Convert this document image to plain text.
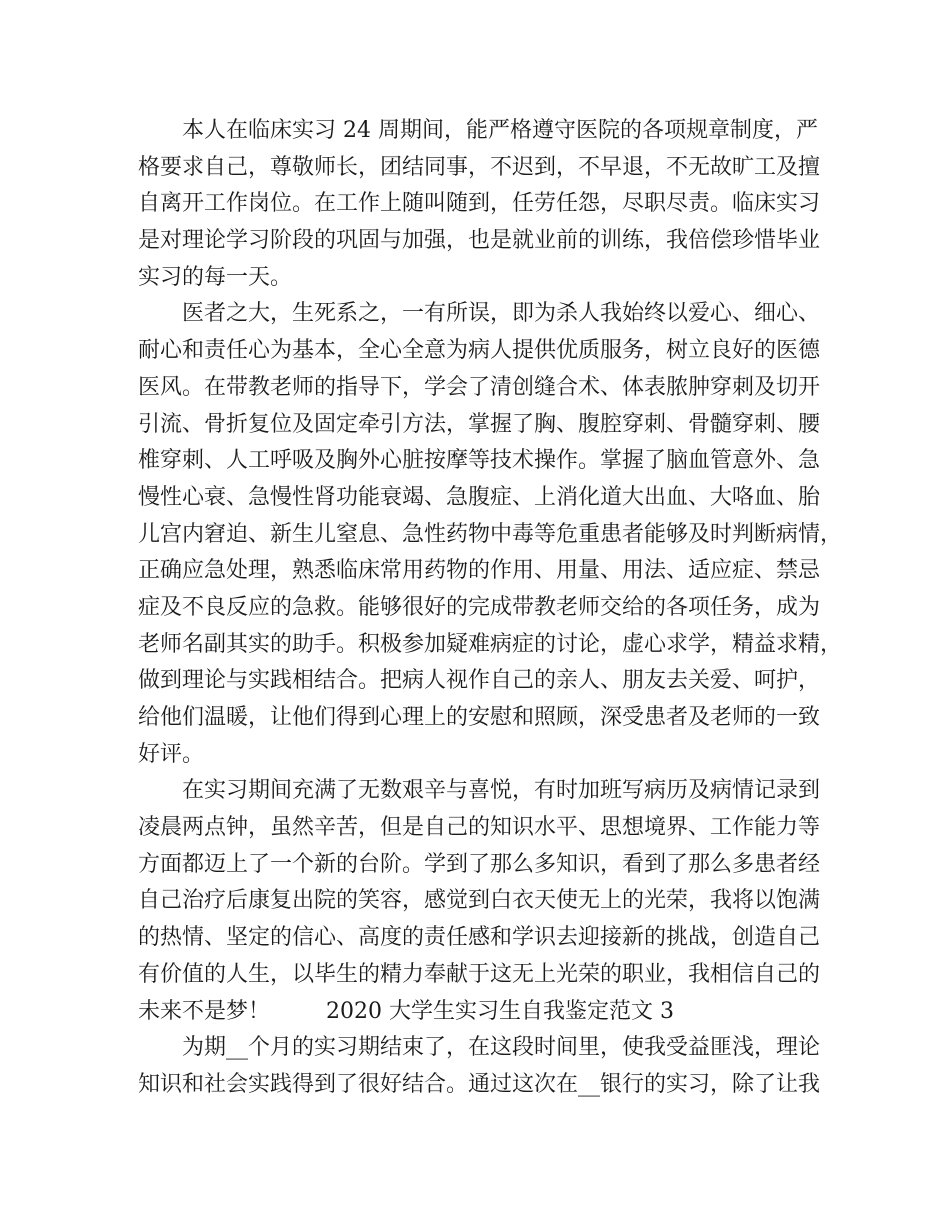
本人在临床实习 24 周期间，能严格遵守医院的各项规章制度，严
格要求自己，尊敬师长，团结同事，不迟到，不早退，不无故旷工及擅
自离开工作岗位。在工作上随叫随到，任劳任怨，尽职尽责。临床实习
是对理论学习阶段的巩固与加强，也是就业前的训练，我倍偿珍惜毕业
实习的每一天。
医者之大，生死系之，一有所误，即为杀人我始终以爱心、细心、
耐心和责任心为基本，全心全意为病人提供优质服务，树立良好的医德
医风。在带教老师的指导下，学会了清创缝合术、体表脓肿穿刺及切开
引流、骨折复位及固定牵引方法，掌握了胸、腹腔穿刺、骨髓穿刺、腰
椎穿刺、人工呼吸及胸外心脏按摩等技术操作。掌握了脑血管意外、急
慢性心衰、急慢性肾功能衰竭、急腹症、上消化道大出血、大咯血、胎
儿宫内窘迫、新生儿窒息、急性药物中毒等危重患者能够及时判断病情，
正确应急处理，熟悉临床常用药物的作用、用量、用法、适应症、禁忌
症及不良反应的急救。能够很好的完成带教老师交给的各项任务，成为
老师名副其实的助手。积极参加疑难病症的讨论，虚心求学，精益求精，
做到理论与实践相结合。把病人视作自己的亲人、朋友去关爱、呵护，
给他们温暖，让他们得到心理上的安慰和照顾，深受患者及老师的一致
好评。
在实习期间充满了无数艰辛与喜悦，有时加班写病历及病情记录到
凌晨两点钟，虽然辛苦，但是自己的知识水平、思想境界、工作能力等
方面都迈上了一个新的台阶。学到了那么多知识，看到了那么多患者经
自己治疗后康复出院的笑容，感觉到白衣天使无上的光荣，我将以饱满
的热情、坚定的信心、高度的责任感和学识去迎接新的挑战，创造自己
有价值的人生，以毕生的精力奉献于这无上光荣的职业，我相信自己的
未来不是梦！	2020 大学生实习生自我鉴定范文 3
为期__个月的实习期结束了，在这段时间里，使我受益匪浅，理论
知识和社会实践得到了很好结合。通过这次在__银行的实习，除了让我
